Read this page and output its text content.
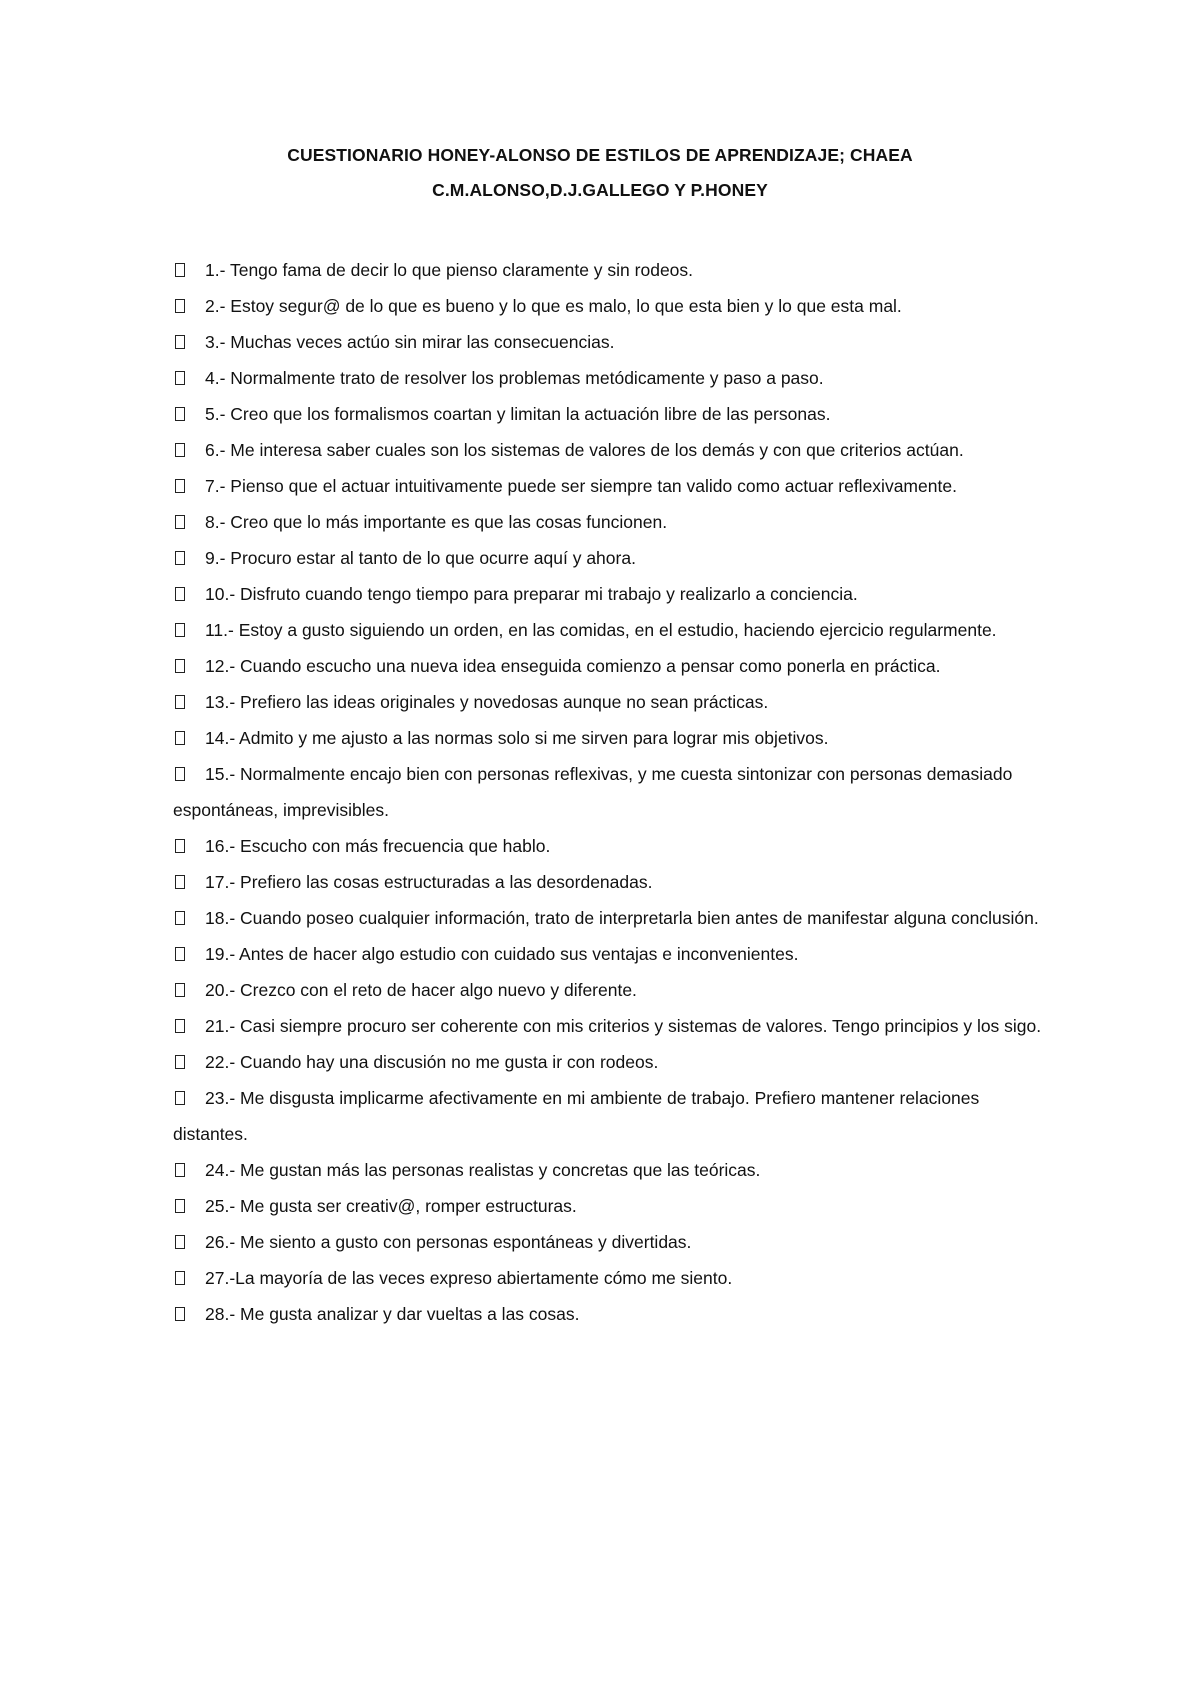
CUESTIONARIO HONEY-ALONSO DE ESTILOS DE APRENDIZAJE; CHAEA
C.M.ALONSO,D.J.GALLEGO Y P.HONEY

1.- Tengo fama de decir lo que pienso claramente y sin rodeos.

2.- Estoy segur@ de lo que es bueno y lo que es malo, lo que esta bien y lo que esta mal.

3.- Muchas veces actúo sin mirar las consecuencias.

4.- Normalmente trato de resolver los problemas metódicamente y paso a paso.

5.- Creo que los formalismos coartan y limitan la actuación libre de las personas.

6.- Me interesa saber cuales son los sistemas de valores de los demás y con que criterios actúan.

7.- Pienso que el actuar intuitivamente puede ser siempre tan valido como actuar reflexivamente.

8.- Creo que lo más importante es que las cosas funcionen.

9.- Procuro estar al tanto de lo que ocurre aquí y ahora.

10.- Disfruto cuando tengo tiempo para preparar mi trabajo y realizarlo a conciencia.

11.- Estoy a gusto siguiendo un orden, en las comidas, en el estudio, haciendo ejercicio regularmente.

12.- Cuando escucho una nueva idea enseguida comienzo a pensar como ponerla en práctica.

13.- Prefiero las ideas originales y novedosas aunque no sean prácticas.

14.- Admito y me ajusto a las normas solo si me sirven para lograr mis objetivos.

15.- Normalmente encajo bien con personas reflexivas, y me cuesta sintonizar con personas demasiado espontáneas, imprevisibles.

16.- Escucho con más frecuencia que hablo.

17.- Prefiero las cosas estructuradas a las desordenadas.

18.- Cuando poseo cualquier información, trato de interpretarla bien antes de manifestar alguna conclusión.

19.- Antes de hacer algo estudio con cuidado sus ventajas e inconvenientes.

20.- Crezco con el reto de hacer algo nuevo y diferente.

21.- Casi siempre procuro ser coherente con mis criterios y sistemas de valores. Tengo principios y los sigo.

22.- Cuando hay una discusión no me gusta ir con rodeos.

23.- Me disgusta implicarme afectivamente en mi ambiente de trabajo. Prefiero mantener relaciones distantes.

24.- Me gustan más las personas realistas y concretas que las teóricas.

25.- Me gusta ser creativ@, romper estructuras.

26.- Me siento a gusto con personas espontáneas y divertidas.

27.-La mayoría de las veces expreso abiertamente cómo me siento.

28.- Me gusta analizar y dar vueltas a las cosas.
